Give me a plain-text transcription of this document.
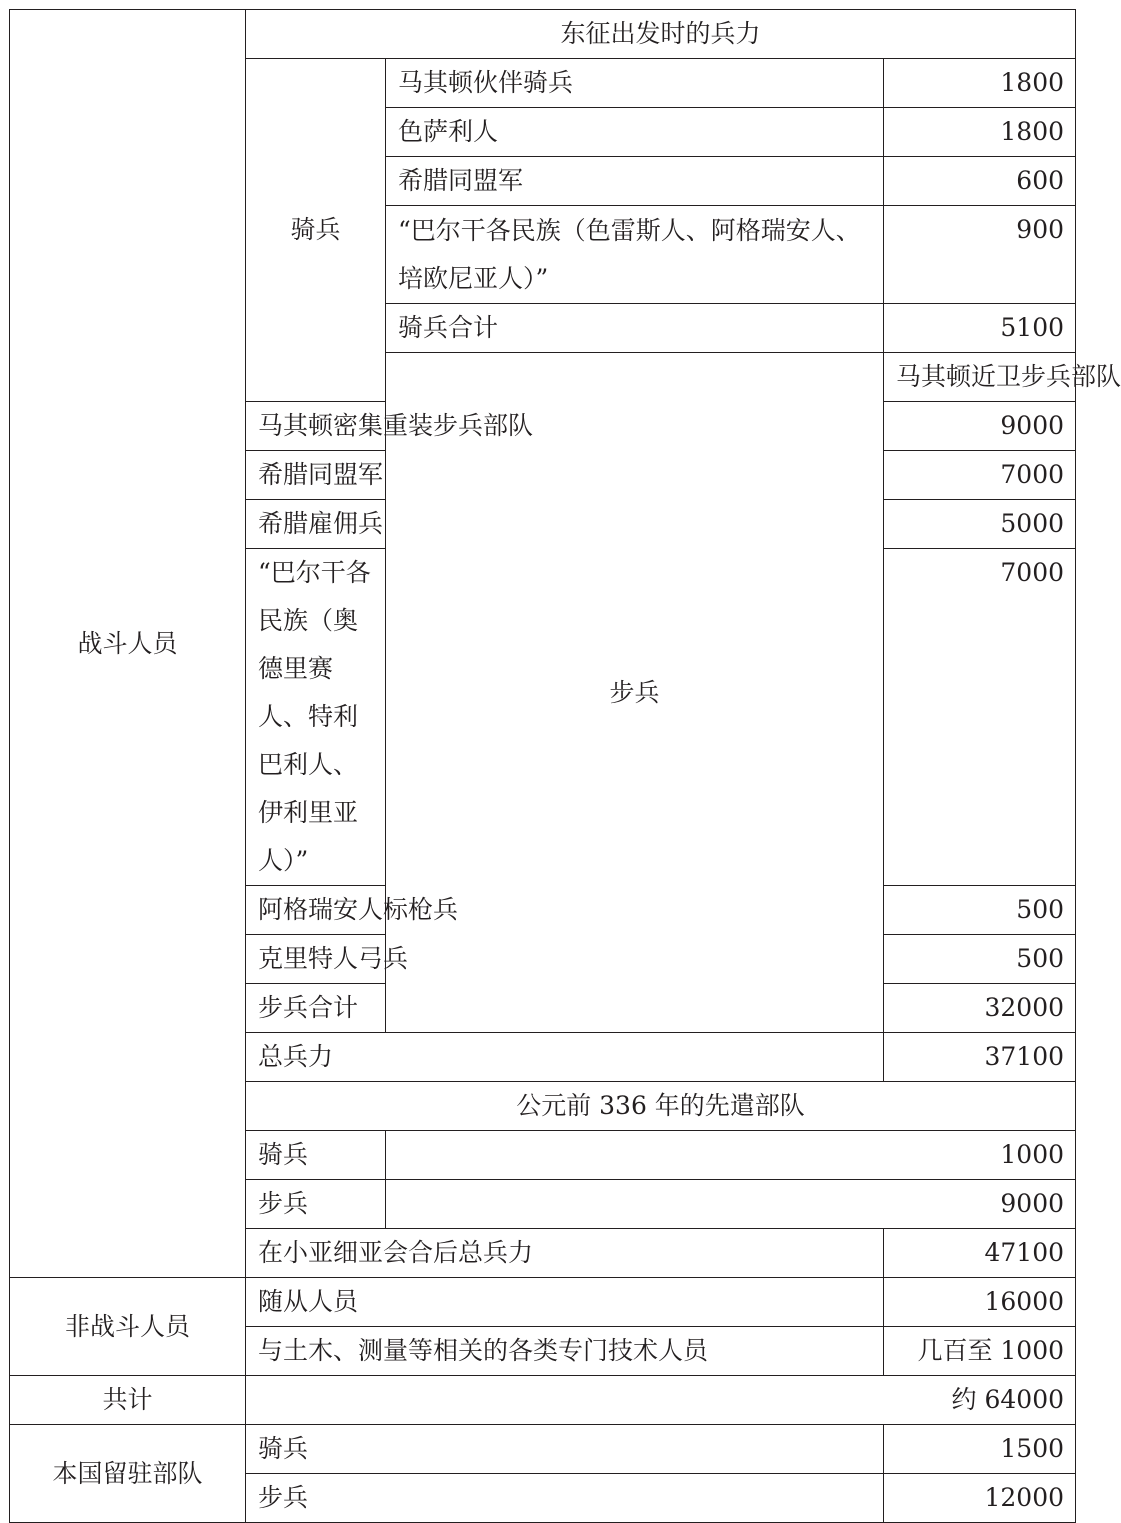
战斗人员	东征出发时的兵力			
	骑兵	马其顿伙伴骑兵	1800	
		色萨利人	1800	
		希腊同盟军	600	
		“巴尔干各民族（色雷斯人、阿格瑞安人、培欧尼亚人）”	900	
		骑兵合计	5100	
		步兵	马其顿近卫步兵部队	
	马其顿密集重装步兵部队		9000	
	希腊同盟军		7000	
	希腊雇佣兵		5000	
	“巴尔干各民族（奥德里赛人、特利巴利人、伊利里亚人）”		7000	
	阿格瑞安人标枪兵		500	
	克里特人弓兵		500	
	步兵合计		32000	
	总兵力		37100	
	公元前 336 年的先遣部队			
	骑兵	1000		
	步兵	9000		
	在小亚细亚会合后总兵力		47100	
非战斗人员	随从人员		16000	
	与土木、测量等相关的各类专门技术人员		几百至 1000	
共计	约 64000			
本国留驻部队	骑兵		1500	
	步兵		12000	
